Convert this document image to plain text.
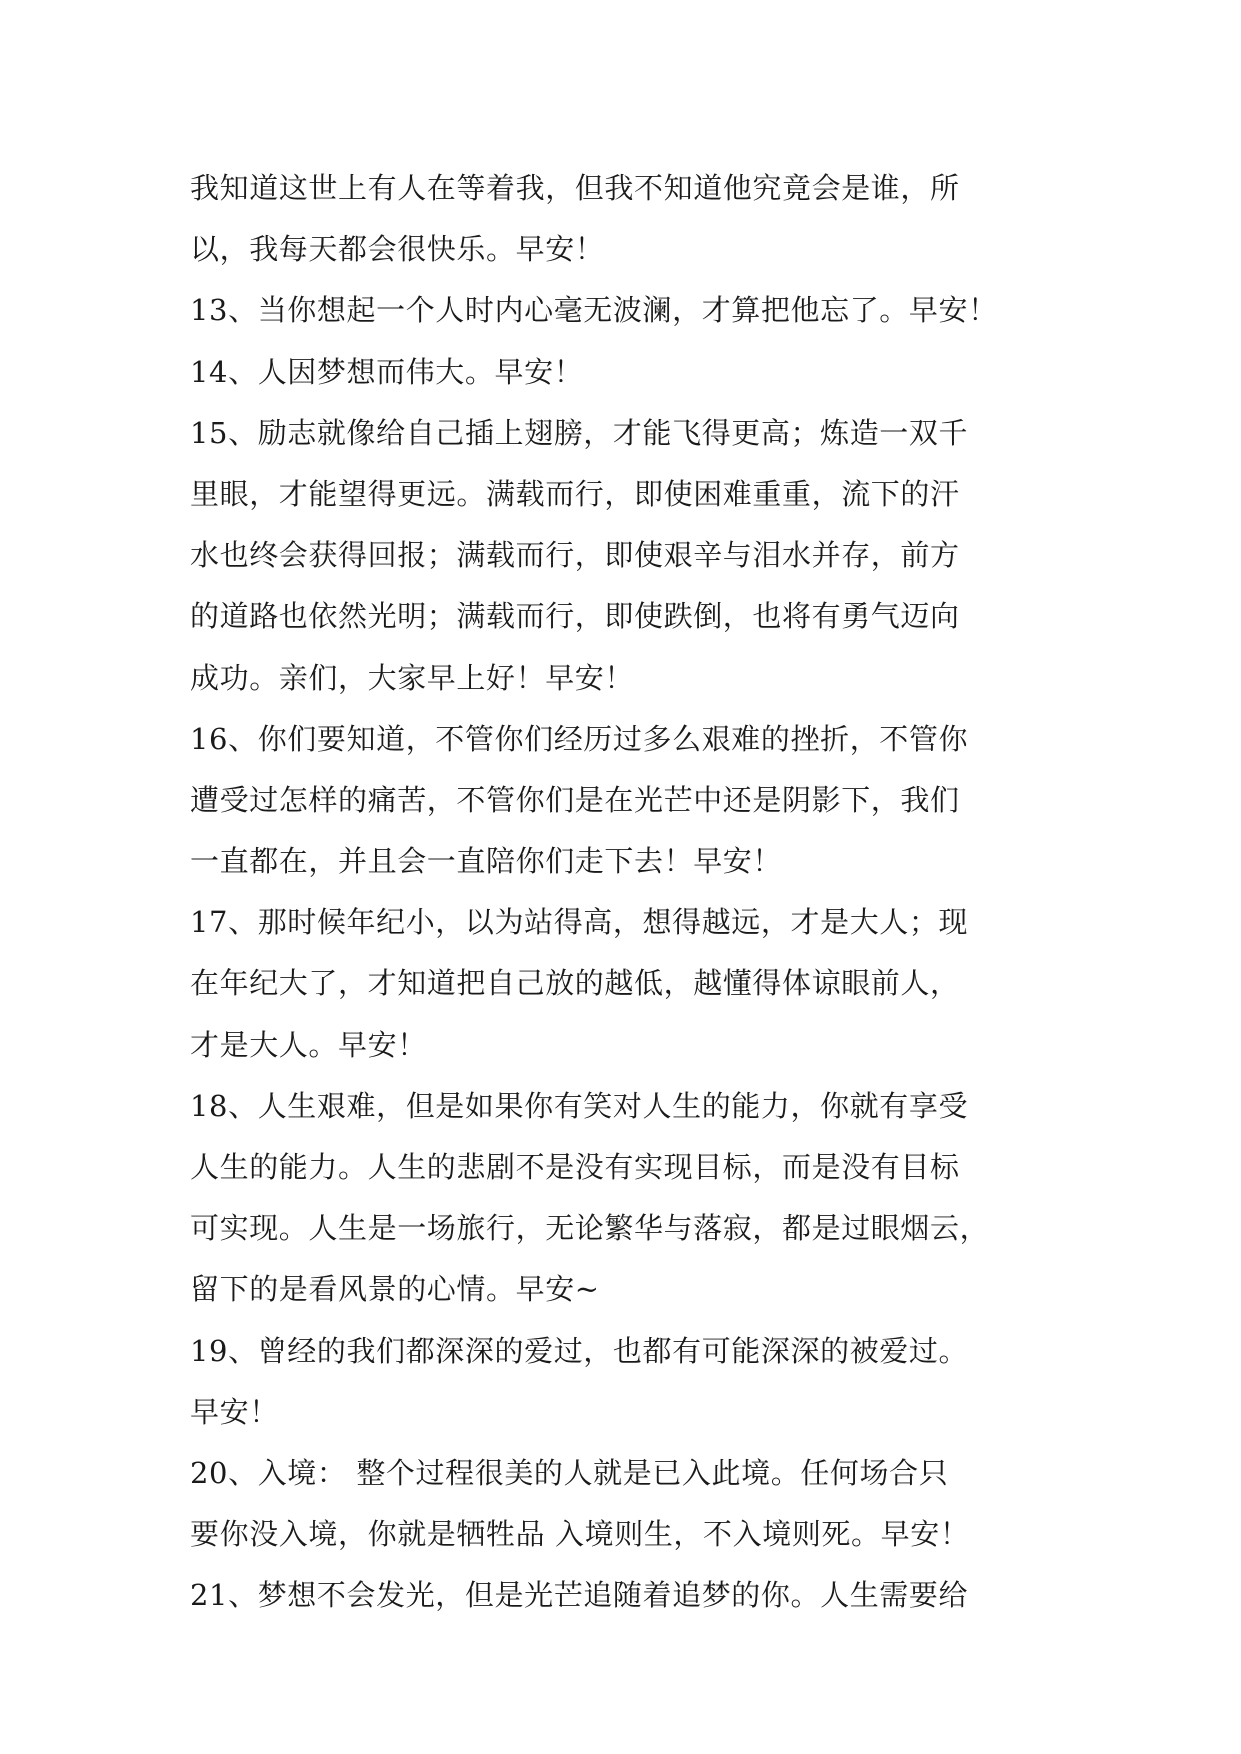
我知道这世上有人在等着我，但我不知道他究竟会是谁，所
以，我每天都会很快乐。早安！
13、当你想起一个人时内心毫无波澜，才算把他忘了。早安！
14、人因梦想而伟大。早安！
15、励志就像给自己插上翅膀，才能飞得更高；炼造一双千
里眼，才能望得更远。满载而行，即使困难重重，流下的汗
水也终会获得回报；满载而行，即使艰辛与泪水并存，前方
的道路也依然光明；满载而行，即使跌倒，也将有勇气迈向
成功。亲们，大家早上好！早安！
16、你们要知道，不管你们经历过多么艰难的挫折，不管你
遭受过怎样的痛苦，不管你们是在光芒中还是阴影下，我们
一直都在，并且会一直陪你们走下去！早安！
17、那时候年纪小，以为站得高，想得越远，才是大人；现
在年纪大了，才知道把自己放的越低，越懂得体谅眼前人，
才是大人。早安！
18、人生艰难，但是如果你有笑对人生的能力，你就有享受
人生的能力。人生的悲剧不是没有实现目标，而是没有目标
可实现。人生是一场旅行，无论繁华与落寂，都是过眼烟云，
留下的是看风景的心情。早安~
19、曾经的我们都深深的爱过，也都有可能深深的被爱过。
早安！
20、入境： 整个过程很美的人就是已入此境。任何场合只
要你没入境，你就是牺牲品 入境则生，不入境则死。早安！
21、梦想不会发光，但是光芒追随着追梦的你。人生需要给
